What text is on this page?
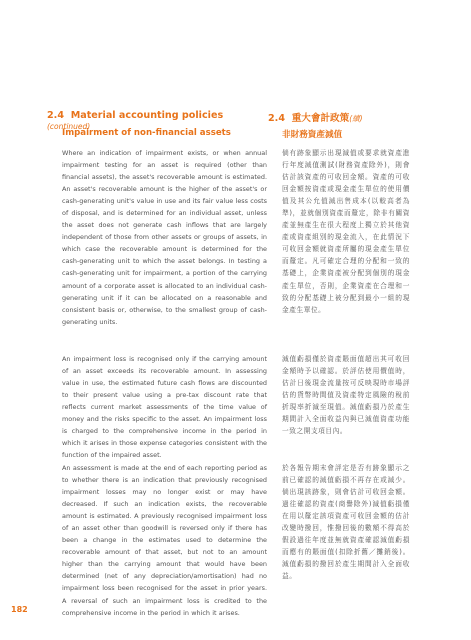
2.4 Material accounting policies (continued)
2.4 重大會計政策(續)
Impairment of non-financial assets	非財務資產減值

Where an indication of impairment exists, or when annual impairment testing for an asset is required (other than financial assets), the asset's recoverable amount is estimated. An asset's recoverable amount is the higher of the asset's or cash-generating unit's value in use and its fair value less costs of disposal, and is determined for an individual asset, unless the asset does not generate cash inflows that are largely independent of those from other assets or groups of assets, in which case the recoverable amount is determined for the cash-generating unit to which the asset belongs. In testing a cash-generating unit for impairment, a portion of the carrying amount of a corporate asset is allocated to an individual cash-generating unit if it can be allocated on a reasonable and consistent basis or, otherwise, to the smallest group of cash-generating units.

An impairment loss is recognised only if the carrying amount of an asset exceeds its recoverable amount. In assessing value in use, the estimated future cash flows are discounted to their present value using a pre-tax discount rate that reflects current market assessments of the time value of money and the risks specific to the asset. An impairment loss is charged to the comprehensive income in the period in which it arises in those expense categories consistent with the function of the impaired asset.

An assessment is made at the end of each reporting period as to whether there is an indication that previously recognised impairment losses may no longer exist or may have decreased. If such an indication exists, the recoverable amount is estimated. A previously recognised impairment loss of an asset other than goodwill is reversed only if there has been a change in the estimates used to determine the recoverable amount of that asset, but not to an amount higher than the carrying amount that would have been determined (net of any depreciation/amortisation) had no impairment loss been recognised for the asset in prior years. A reversal of such an impairment loss is credited to the comprehensive income in the period in which it arises.

倘有跡象顯示出現減值或要求就資產進行年度減值測試(財務資產除外)，則會估計該資產的可收回金額。資產的可收回金額按資產或現金產生單位的使用價值及其公允值減出售成本(以較高者為準)，並就個別資產而釐定，除非有關資產並無產生在很大程度上獨立於其他資產或資產組別的現金流入，在此情況下可收回金額就資產所屬的現金產生單位而釐定。凡可確定合理的分配和一致的基礎上，企業資產被分配到個別的現金產生單位，否則，企業資產在合理和一致的分配基礎上被分配到最小一組的現金產生單位。

減值虧損僅於資產賬面值超出其可收回金額時予以確認。於評估使用價值時，估計日後現金流量按可反映現時市場評估的貨幣時間值及資產特定風險的稅前折現率折減至現值。減值虧損乃於產生期間計入全面收益內與已減值資產功能一致之開支項目內。

於各報告期末會評定是否有跡象顯示之前已確認的減值虧損不再存在或減少。倘出現該跡象，則會估計可收回金額。過往確認的資產(商譽除外)減值虧損僅在用以釐定該項資產可收回金額的估計改變時撥回，惟撥回後的數額不得高於假設過往年度並無就資產確認減值虧損而應有的賬面值(扣除折舊／攤銷後)。減值虧損的撥回於產生期間計入全面收益。

182
